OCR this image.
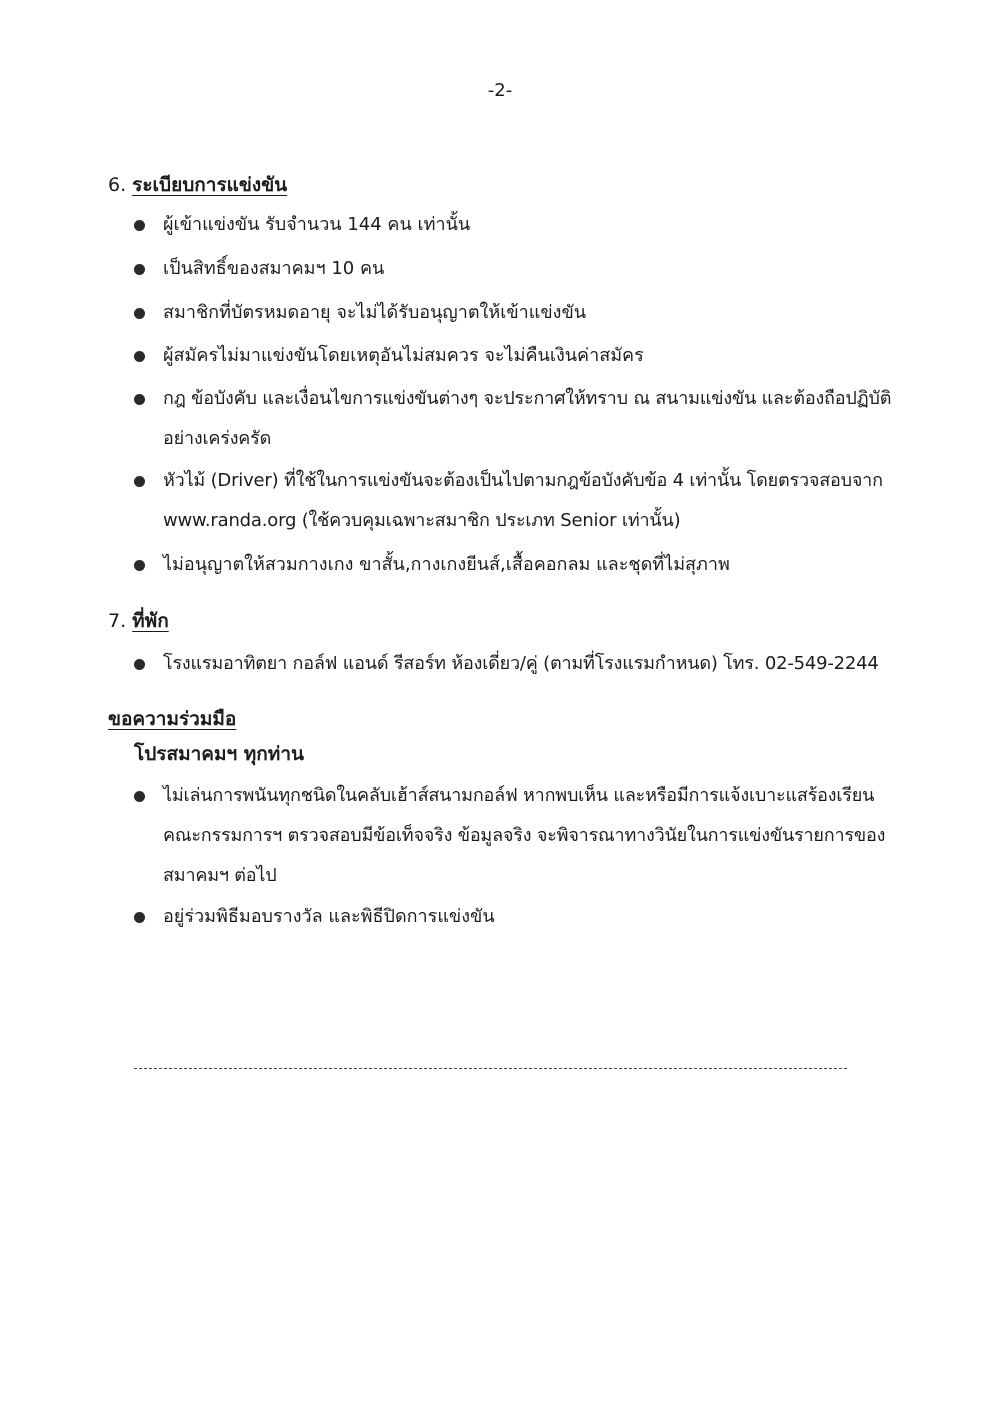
-2-
6. ระเบียบการแข่งขัน
ผู้เข้าแข่งขัน รับจำนวน 144 คน เท่านั้น
เป็นสิทธิ์ของสมาคมฯ 10 คน
สมาชิกที่บัตรหมดอายุ จะไม่ได้รับอนุญาตให้เข้าแข่งขัน
ผู้สมัครไม่มาแข่งขันโดยเหตุอันไม่สมควร จะไม่คืนเงินค่าสมัคร
กฎ ข้อบังคับ และเงื่อนไขการแข่งขันต่างๆ จะประกาศให้ทราบ ณ สนามแข่งขัน และต้องถือปฏิบัติอย่างเคร่งครัด
หัวไม้ (Driver) ที่ใช้ในการแข่งขันจะต้องเป็นไปตามกฎข้อบังคับข้อ 4 เท่านั้น โดยตรวจสอบจาก www.randa.org (ใช้ควบคุมเฉพาะสมาชิก ประเภท Senior เท่านั้น)
ไม่อนุญาตให้สวมกางเกง ขาสั้น,กางเกงยีนส์,เสื้อคอกลม และชุดที่ไม่สุภาพ
7. ที่พัก
โรงแรมอาทิตยา กอล์ฟ แอนด์ รีสอร์ท ห้องเดี่ยว/คู่ (ตามที่โรงแรมกำหนด) โทร. 02-549-2244
ขอความร่วมมือ
โปรสมาคมฯ ทุกท่าน
ไม่เล่นการพนันทุกชนิดในคลับเฮ้าส์สนามกอล์ฟ หากพบเห็น และหรือมีการแจ้งเบาะแสร้องเรียนคณะกรรมการฯ ตรวจสอบมีข้อเท็จจริง ข้อมูลจริง จะพิจารณาทางวินัยในการแข่งขันรายการของสมาคมฯ ต่อไป
อยู่ร่วมพิธีมอบรางวัล และพิธีปิดการแข่งขัน
